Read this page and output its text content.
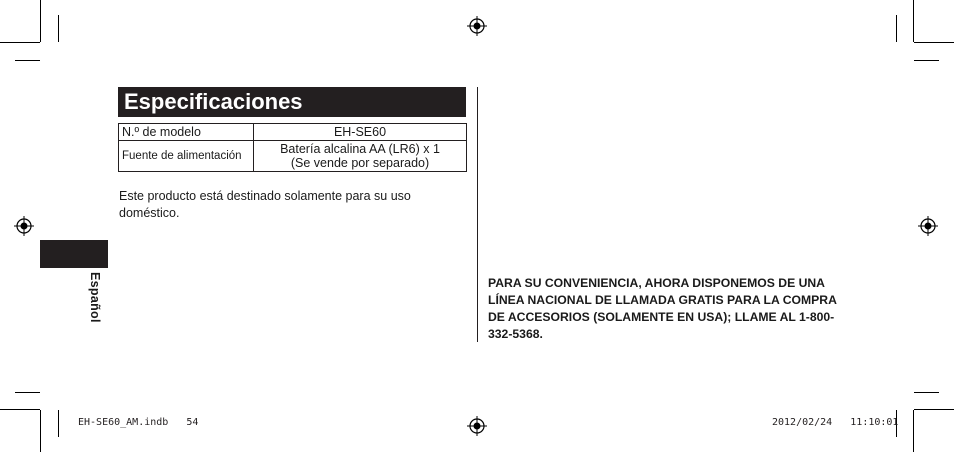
Especificaciones
N.º de modelo	EH-SE60
Fuente de alimentación	Batería alcalina AA (LR6) x 1
(Se vende por separado)
Este producto está destinado solamente para su uso doméstico.
Español	PARA SU CONVENIENCIA, AHORA DISPONEMOS DE UNA LÍNEA NACIONAL DE LLAMADA GRATIS PARA LA COMPRA DE ACCESORIOS (SOLAMENTE EN USA); LLAME AL 1-800-332-5368.
EH-SE60_AM.indb 54	2012/02/24 11:10:01
